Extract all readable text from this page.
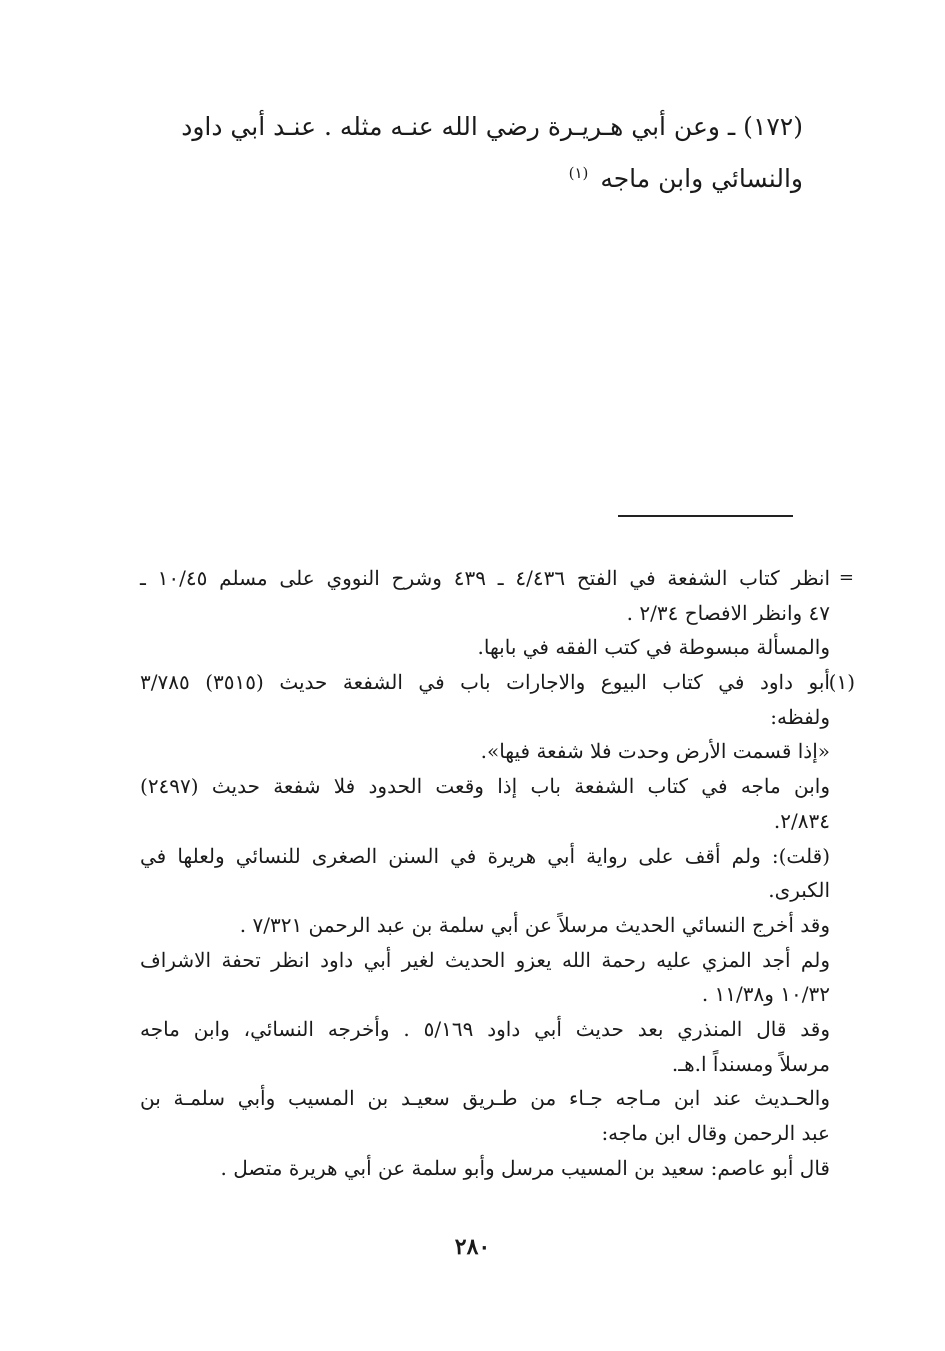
(١٧٢) ـ وعن أبي هـريـرة رضي الله عنـه مثله . عنـد أبي داود
والنسائي وابن ماجه $^{(١)}$
=
انظر كتاب الشفعة في الفتح ٤/٤٣٦ ـ ٤٣٩ وشرح النووي على مسلم ١٠/٤٥ ـ
٤٧ وانظر الافصاح ٢/٣٤ .
والمسألة مبسوطة في كتب الفقه في بابها.
(١)
أبو داود في كتاب البيوع والاجارات باب في الشفعة حديث (٣٥١٥) ٣/٧٨٥
ولفظه:
«إذا قسمت الأرض وحدت فلا شفعة فيها».
وابن ماجه في كتاب الشفعة باب إذا وقعت الحدود فلا شفعة حديث (٢٤٩٧)
٢/٨٣٤.
(قلت): ولم أقف على رواية أبي هريرة في السنن الصغرى للنسائي ولعلها في
الكبرى.
وقد أخرج النسائي الحديث مرسلاً عن أبي سلمة بن عبد الرحمن ٧/٣٢١ .
ولم أجد المزي عليه رحمة الله يعزو الحديث لغير أبي داود انظر تحفة الاشراف
١٠/٣٢ و١١/٣٨ .
وقد قال المنذري بعد حديث أبي داود ٥/١٦٩ . وأخرجه النسائي، وابن ماجه
مرسلاً ومسنداً ا.هـ.
والحـديث عند ابن مـاجه جـاء من طـريق سعيـد بن المسيب وأبي سلمـة بن
عبد الرحمن وقال ابن ماجه:
قال أبو عاصم: سعيد بن المسيب مرسل وأبو سلمة عن أبي هريرة متصل .
٢٨٠
